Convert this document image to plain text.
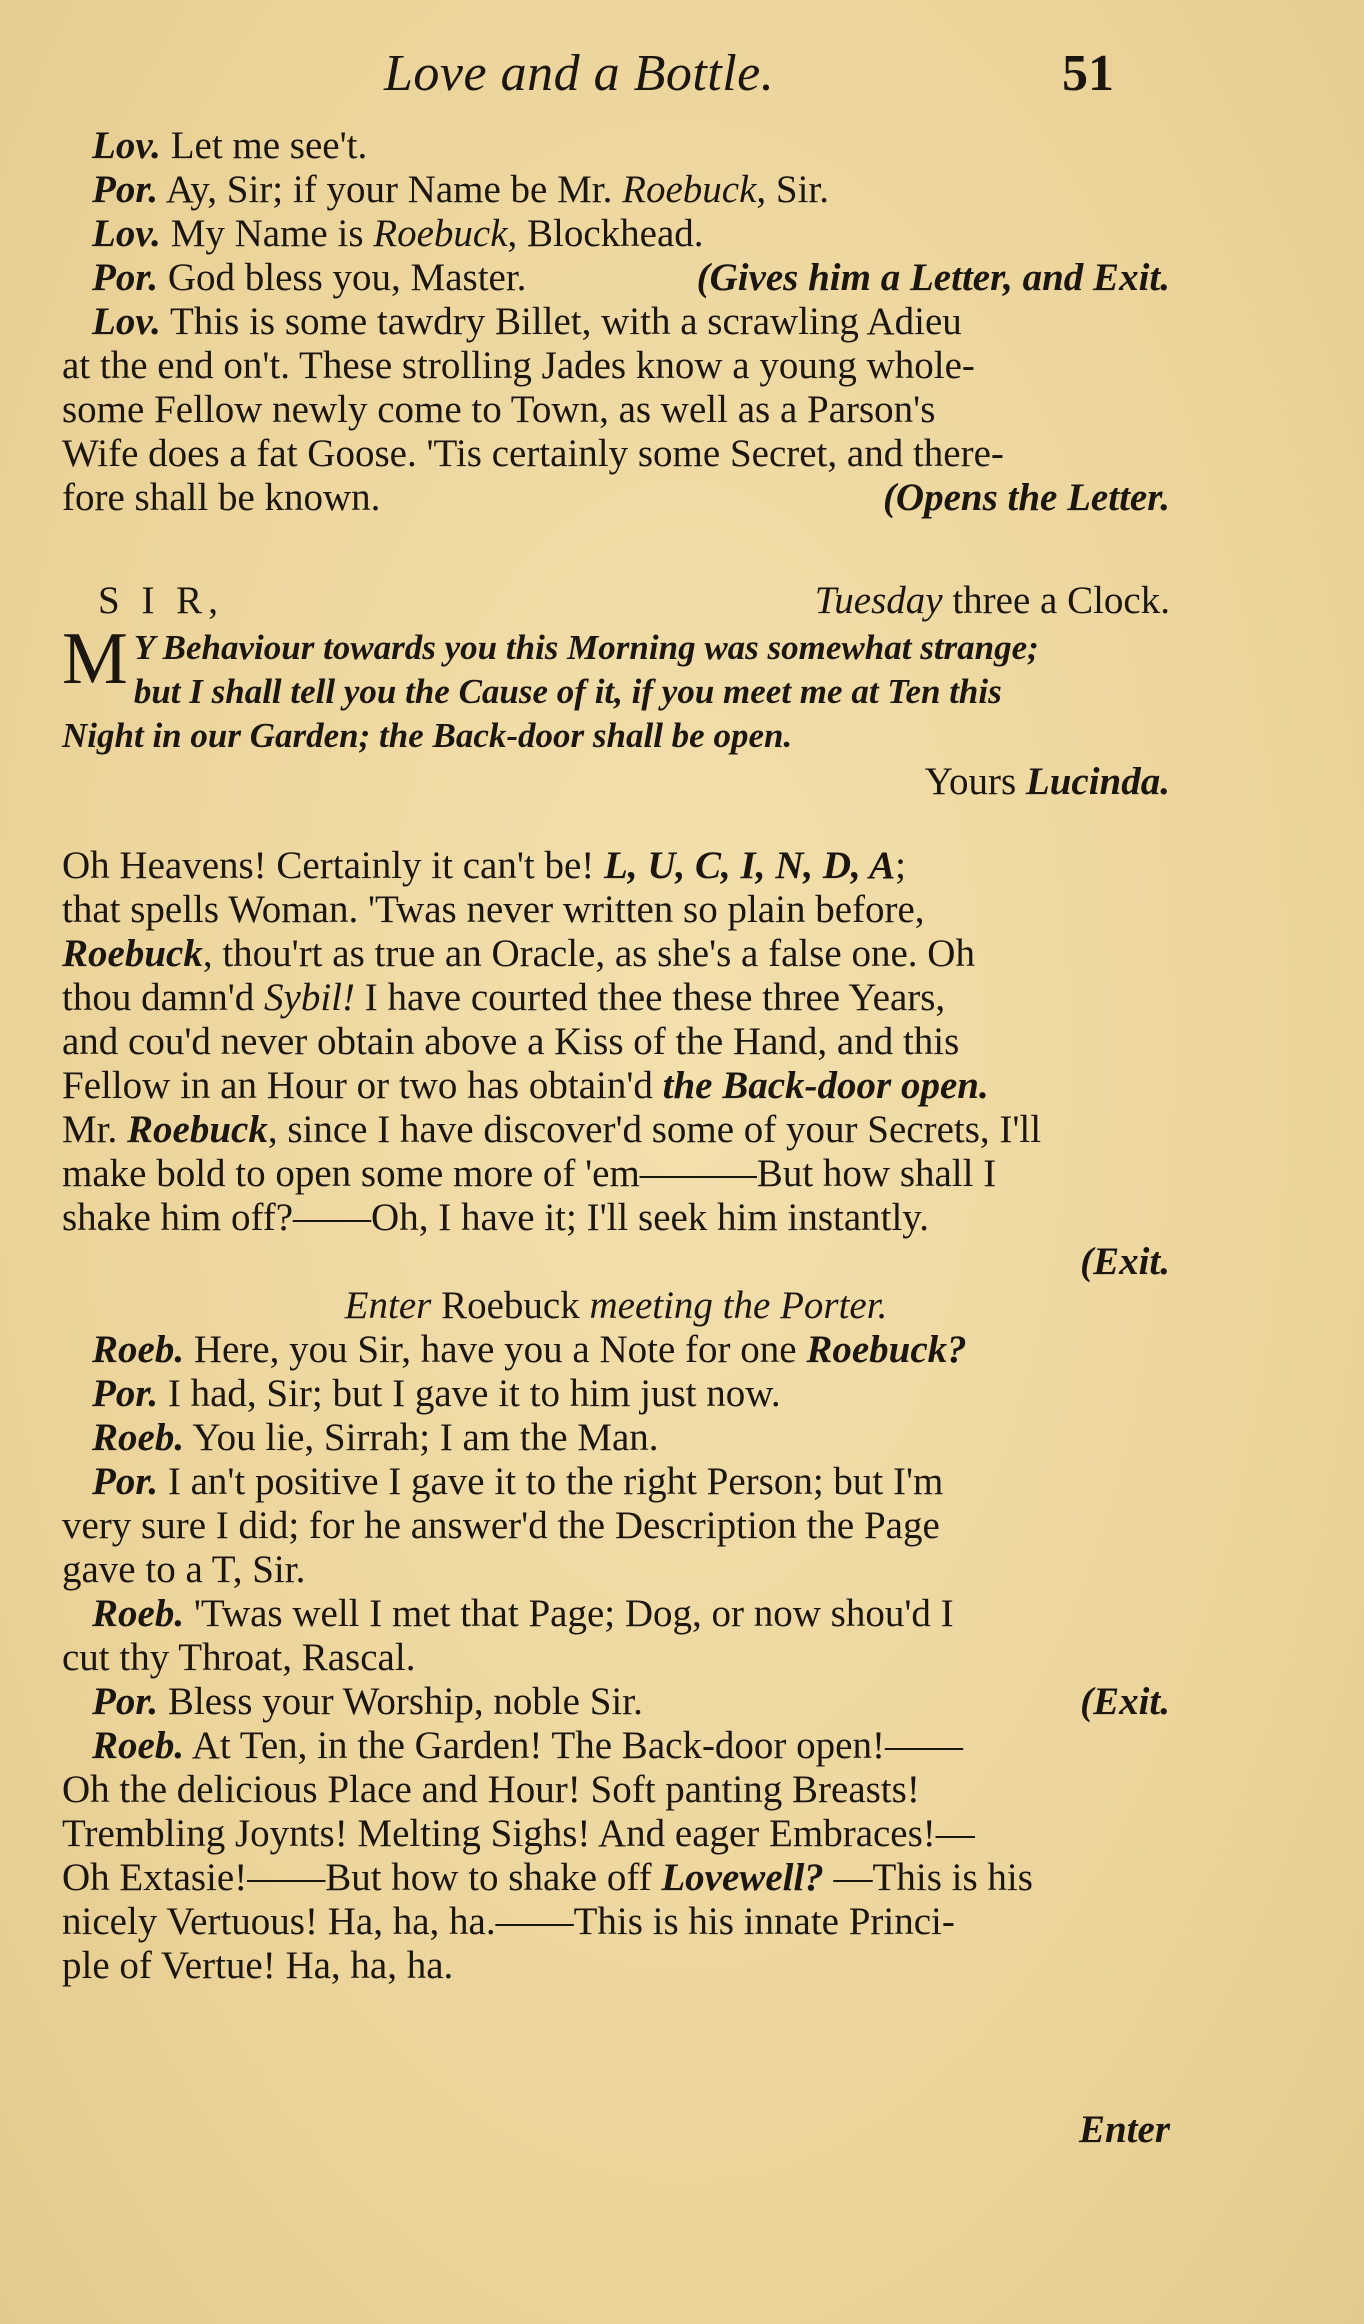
Love and a Bottle.	51
Lov. Let me see't.
Por. Ay, Sir; if your Name be Mr. Roebuck, Sir.
Lov. My Name is Roebuck, Blockhead.
Por. God bless you, Master.	(Gives him a Letter, and Exit.
Lov. This is some tawdry Billet, with a scrawling Adieu
at the end on't. These strolling Jades know a young whole-
some Fellow newly come to Town, as well as a Parson's
Wife does a fat Goose. 'Tis certainly some Secret, and there-
fore shall be known.	(Opens the Letter.
S I R,	Tuesday three a Clock.
M Y Behaviour towards you this Morning was somewhat strange;
but I shall tell you the Cause of it, if you meet me at Ten this
Night in our Garden; the Back-door shall be open.
Yours Lucinda.
Oh Heavens! Certainly it can't be! L, U, C, I, N, D, A;
that spells Woman. 'Twas never written so plain before,
Roebuck, thou'rt as true an Oracle, as she's a false one. Oh
thou damn'd Sybil! I have courted thee these three Years,
and cou'd never obtain above a Kiss of the Hand, and this
Fellow in an Hour or two has obtain'd the Back-door open.
Mr. Roebuck, since I have discover'd some of your Secrets, I'll
make bold to open some more of 'em———But how shall I
shake him off?——Oh, I have it; I'll seek him instantly.
(Exit.
Enter Roebuck meeting the Porter.
Roeb. Here, you Sir, have you a Note for one Roebuck?
Por. I had, Sir; but I gave it to him just now.
Roeb. You lie, Sirrah; I am the Man.
Por. I an't positive I gave it to the right Person; but I'm
very sure I did; for he answer'd the Description the Page
gave to a T, Sir.
Roeb. 'Twas well I met that Page; Dog, or now shou'd I
cut thy Throat, Rascal.
Por. Bless your Worship, noble Sir.	(Exit.
Roeb. At Ten, in the Garden! The Back-door open!——
Oh the delicious Place and Hour! Soft panting Breasts!
Trembling Joynts! Melting Sighs! And eager Embraces!—
Oh Extasie!——But how to shake off Lovewell? —This is his
nicely Vertuous! Ha, ha, ha.——This is his innate Princi-
ple of Vertue! Ha, ha, ha.
Enter
